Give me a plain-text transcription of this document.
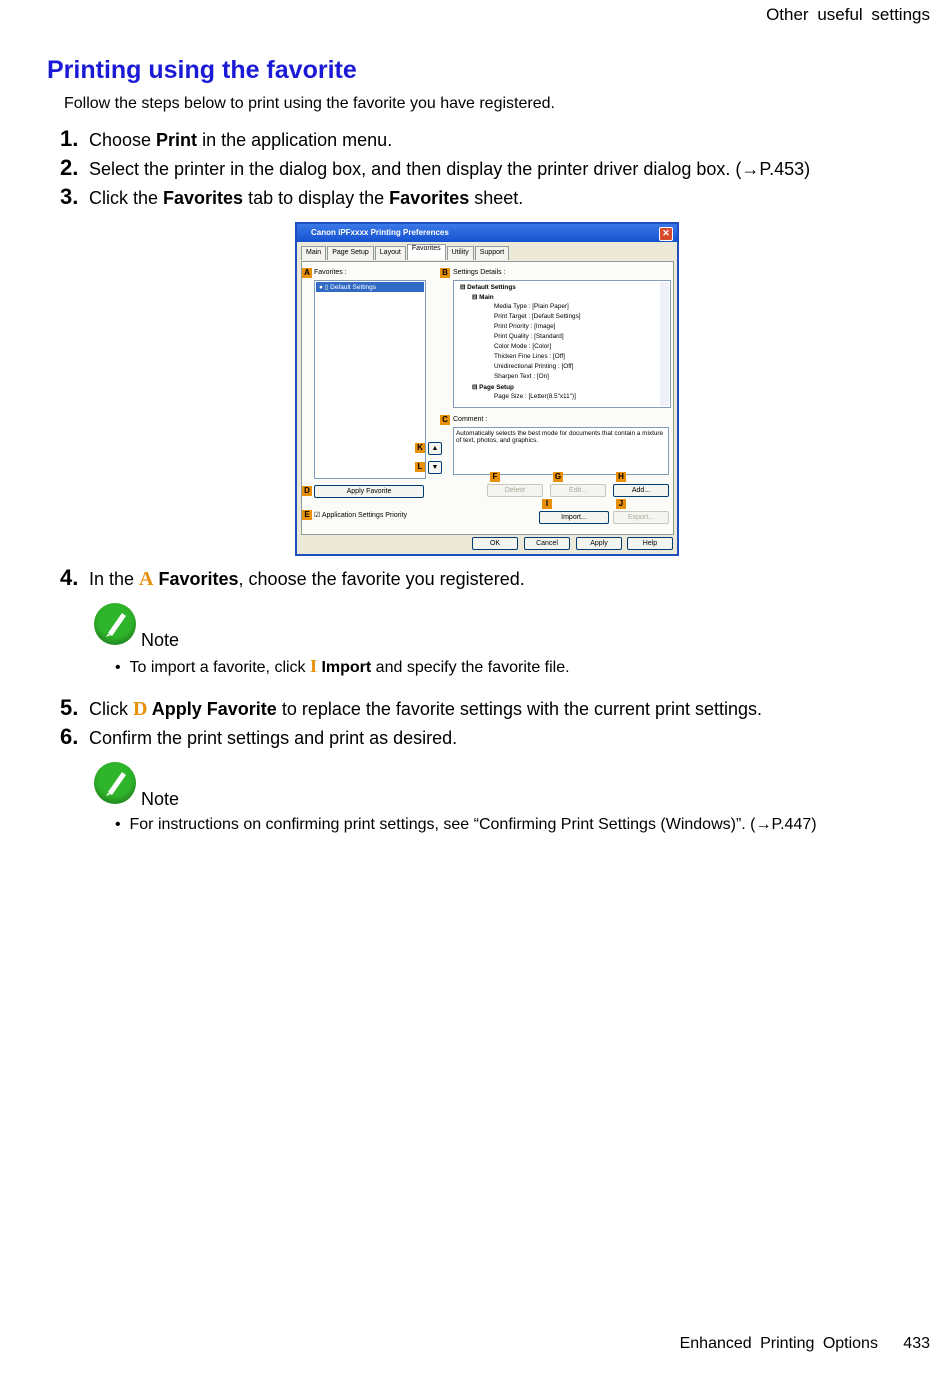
Other useful settings
Printing using the favorite
Follow the steps below to print using the favorite you have registered.
1. Choose Print in the application menu.
2. Select the printer in the dialog box, and then display the printer driver dialog box. (→P.453)
3. Click the Favorites tab to display the Favorites sheet.
Canon iPFxxxx Printing Preferences	✕
Main	Page Setup	Layout
Favorites
Utility	Support
A Favorites :
● ▯ Default Settings
B Settings Details :
⊟ Default Settings
⊟ Main
Media Type : [Plain Paper]
Print Target : [Default Settings]
Print Priority : [Image]
Print Quality : [Standard]
Color Mode : [Color]
Thicken Fine Lines : [Off]
Unidirectional Printing : [Off]
Sharpen Text : [On]
⊟ Page Setup
Page Size : [Letter(8.5"x11")]
C Comment :
Automatically selects the best mode for documents that contain a mixture of text, photos, and graphics.
K	▲
L	▼
D	Apply Favorite
E ☑ Application Settings Priority
F
Delete
G
Edit...
H
Add...
I
Import...
J
Export...
OK	Cancel	Apply	Help
4. In the A Favorites, choose the favorite you registered.
Note
•  To import a favorite, click I Import and specify the favorite file.
5. Click D Apply Favorite to replace the favorite settings with the current print settings.
6. Confirm the print settings and print as desired.
Note
•  For instructions on confirming print settings, see “Confirming Print Settings (Windows)”. (→P.447)
Enhanced Printing Options 433
